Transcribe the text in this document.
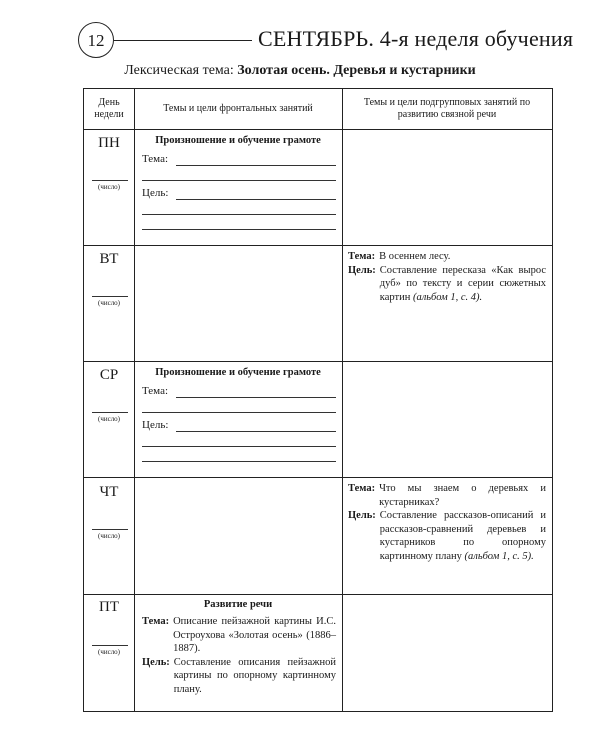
12	СЕНТЯБРЬ. 4-я неделя обучения
Лексическая тема: Золотая осень. Деревья и кустарники
День недели
Темы и цели фронтальных занятий
Темы и цели подгрупповых занятий по развитию связной речи
ПН
(число)
ВТ
(число)
СР
(число)
ЧТ
(число)
ПТ
(число)
Произношение и обучение грамоте
Тема:
Цель:
Тема: В осеннем лесу.
Цель: Составление пересказа «Как вырос дуб» по тексту и серии сюжетных картин (альбом 1, с. 4).
Произношение и обучение грамоте
Тема:
Цель:
Тема: Что мы знаем о деревьях и кустарниках?
Цель: Составление рассказов-описаний и рассказов-сравнений деревьев и кустарников по опорному картинному плану (альбом 1, с. 5).
Развитие речи
Тема: Описание пейзажной картины И.С. Остроухова «Золотая осень» (1886–1887).
Цель: Составление описания пейзажной картины по опорному картинному плану.
